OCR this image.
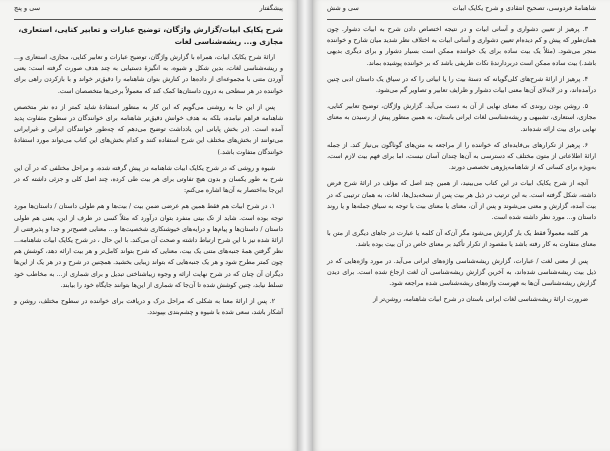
پیشگفتار
سی و پنج
شرح یکایک ابیات/گزارش واژگان، توضیح عبارات و تعابیر کنایی، استعاری، مجازی و... ریشه‌شناسی لغات

ارائهٔ شرح یکایک ابیات، همراه با گزارش واژگان، توضیح عبارات و تعابیر کنایی، مجازی، استعاری و... و ریشه‌شناسی لغات، بدین شکل و شیوه، به انگیزهٔ دستیابی به چند هدف صورت گرفته است: یعنی آوردن متنی با مجموعه‌ای از داده‌ها در کنارش بتوان شاهنامه را دقیق‌تر خواند و با بازکردن راهی برای خواننده در هر سطحی به درون داستان‌ها کمک کند که معمولاً برخی‌ها متخصصان است.

پس از این جا به روشنی می‌گویم که این کار به منظور استفادهٔ شاید کمتر از ده نفر متخصص شاهنامه فراهم نیامده، بلکه به هدف خوانش دقیق‌تر شاهنامه برای خوانندگان در سطوح متفاوت پدید آمده است. (در بخش پایانی این یادداشت توضیح می‌دهم که چه‌طور خوانندگان ایرانی و غیرایرانی می‌توانند از بخش‌های مختلف این شرح استفاده کنند و کدام بخش‌های این کتاب می‌تواند مورد استفادهٔ خوانندگان متفاوت باشد.)

شیوه و روشی که در شرح یکایک ابیات شاهنامه در پیش گرفته شده، و مراحل مختلفی که در آن این شرح به طور یکسان و بدون هیچ تفاوتی برای هر بیت طی کرده، چند اصل کلی و جزئی داشته که در این‌جا به‌اختصار به آن‌ها اشاره می‌کنم:

۱. در شرح ابیات هم فقط همین هم عرضی ضمن بیت / بیت‌ها و هم طولی داستان / داستان‌ها مورد توجه بوده است. شاید از تک بیتی منفرد بتوان درآورد که مثلاً کسی در طرف از این، یعنی هم طولی داستان / داستان‌ها و پیام‌ها و درایه‌های خیوشنکاری شخصیت‌ها و... معنایی فصیح‌تر و جدا و پذیرفتنی از ارائهٔ شده نیز با این شرح ارتباط داشته و صحت آن می‌کند. با این حال ، در شرح یکایک ابیات شاهنامه... نظر گرفتن همهٔ جنبه‌های متنی یک بیت، معنایی که شرح بتواند کامل‌تر و هر بیت ارائه دهد، کوشش هم چون کمتر مطرح شود و هر یک جنبه‌هایی که بتواند زیبایی بخشید. همچنین در شرح و در هر یک از این‌ها دیگران آن چنان که در شرح نهایت ارائه و وجوه زیباشناختی تبدیل و برای شماری از... به مخاطب خود تسلط نیابد، چنین کوشش شده تا آن‌جا که شماری از این‌ها بتوانند جایگاه خود را بیابند.

۲. پس از ارائهٔ معنا به شکلی که مراحل درک و دریافت برای خواننده در سطوح مختلف، روشن و آشکار باشد، سعی شده با شیوه و چشم‌بندی بپیوندد.

شاهنامهٔ فردوسی، تصحیح انتقادی و شرح یکایک ابیات
سی و شش

۳. پرهیز از تعیین دشواری و آسانی ابیات و در نتیجه اختصاص دادن شرح به ابیات دشوار. چون همان‌طور که پیش و کم دیده‌ام تعیین دشواری و آسانی ابیات به اختلاف نظر شدید میان شارح و خواننده منجر می‌شود. (مثلاً یک بیت ساده برای یک خواننده ممکن است بسیار دشوار و برای دیگری بدیهی باشد.) بیت ساده ممکن است دربردارندهٔ نکات ظریفی باشد که بر خواننده پوشیده بماند.

۴. پرهیز از ارائهٔ شرح‌های کلی‌گویانه که دستهٔ بیت را یا ابیاتی را که در سیاق یک داستان ادبی چنین درآمده‌اند، و در لابه‌لای آن‌ها معنی ابیات دشوار و ظرایف تعابیر و تصاویر گم می‌شود.

۵. روشن بودن روندی که معنای نهایی از آن به دست می‌آید. گزارش واژگان، توضیح تعابیر کنایی، مجازی، استعاری، تشبیهی و ریشه‌شناسی لغات ایرانی باستان، به همین منظور پیش از رسیدن به معنای نهایی برای بیت ارائه شده‌اند.

۶. پرهیز از تکرارهای بی‌فایده‌ای که خواننده را از مراجعه به متن‌های گوناگون بی‌نیاز کند. از جمله ارائهٔ اطلاعاتی از متون مختلف که دسترسی به آن‌ها چندان آسان نیست، اما برای فهم بیت لازم است، به‌ویژه برای کسانی که از شاهنامه‌پژوهی تخصصی دورند.

آنچه از شرح یکایک ابیات در این کتاب می‌بینید، از همین چند اصل که مؤلف در ارائهٔ شرح فرض داشته، شکل گرفته است. به این ترتیب در ذیل هر بیت پس از نسخه‌بدل‌ها، لغات، به همان ترتیبی که در بیت آمده، گزارش و معنی می‌شوند و پس از آن، معنای یا معنای بیت با توجه به سیاق جمله‌ها و یا روند داستان و... مورد نظر داشته شده است.

هر کلمه معمولاً فقط یک بار گزارش می‌شود مگر آن‌که آن کلمه یا عبارت در جاهای دیگری از متن با معنای متفاوت به کار رفته باشد یا مقصود از تکرار تأکید بر معنای خاص در آن بیت بوده باشد.

پس از معنی لغت / عبارات، گزارش ریشه‌شناسی واژه‌های ایرانی می‌آید. در مورد واژه‌هایی که در ذیل بیت ریشه‌شناسی شده‌اند، به آخرین گزارش ریشه‌شناسی آن لغت ارجاع شده است. برای دیدن گزارش ریشه‌شناسی آن‌ها به فهرست واژه‌های ریشه‌شناسی شده مراجعه شود.

ضرورت ارائهٔ ریشه‌شناسی لغات ایرانی باستان در شرح ابیات شاهنامه، روشن‌تر از
